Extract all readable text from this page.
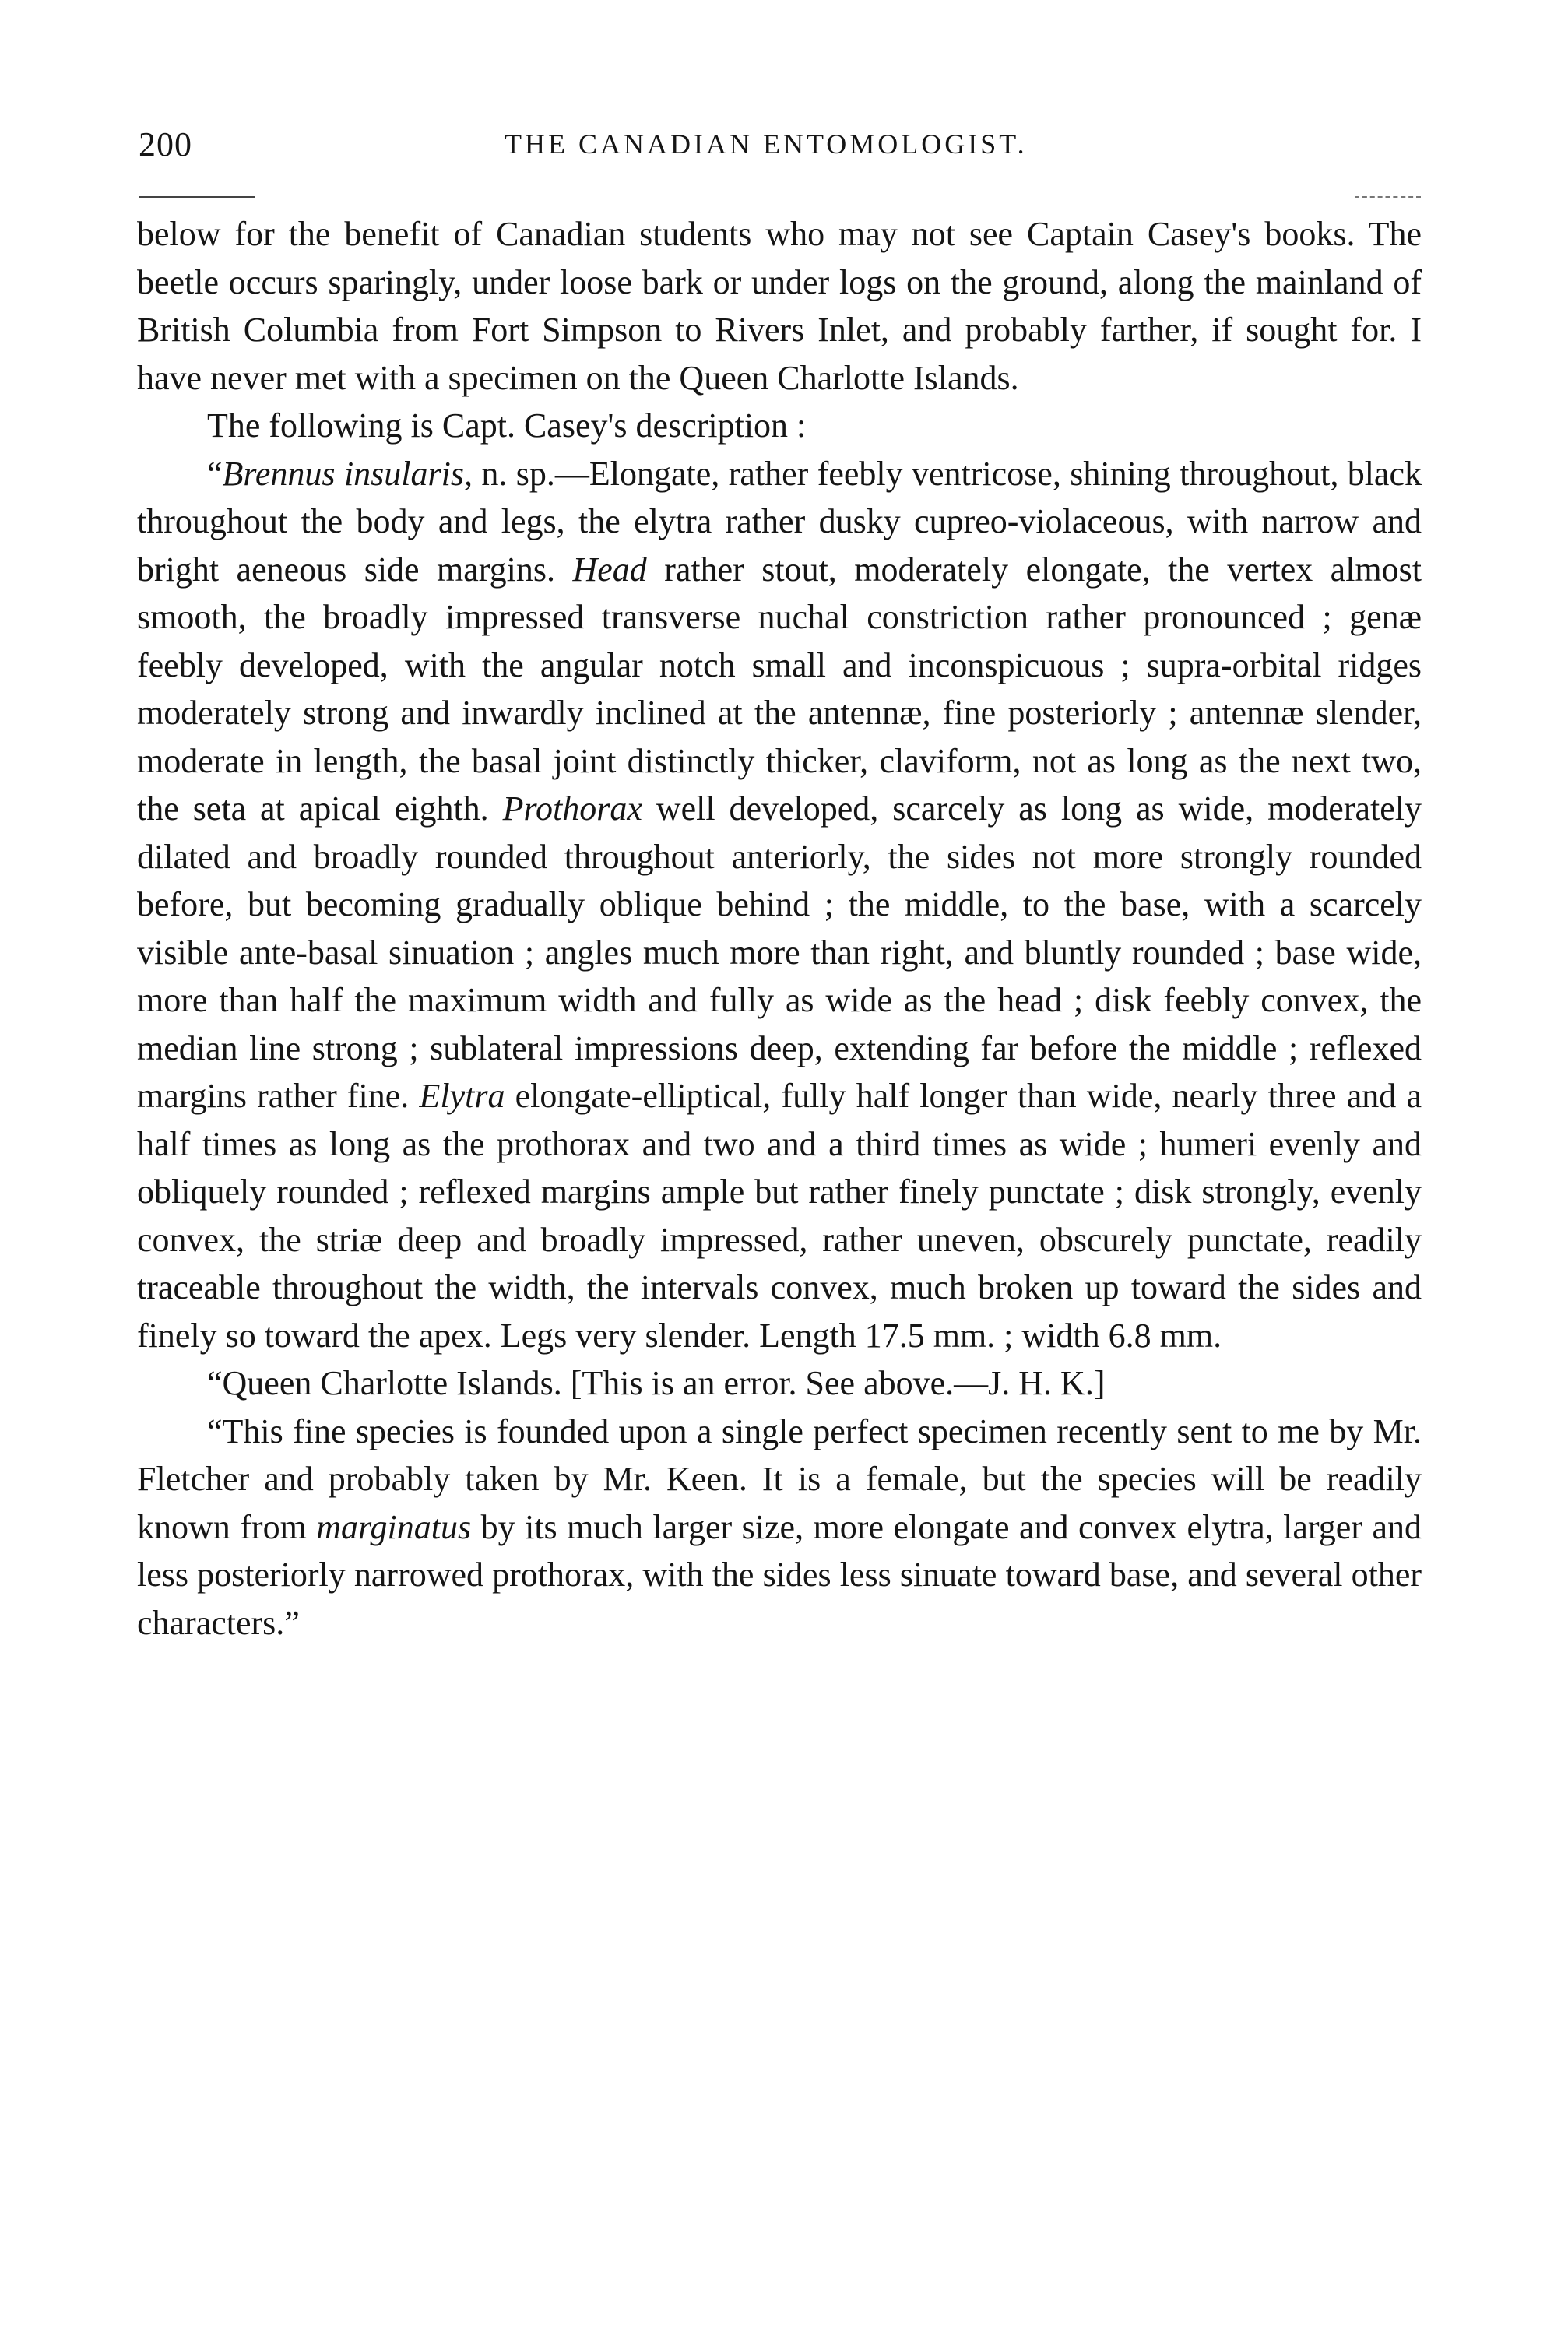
200	THE CANADIAN ENTOMOLOGIST.

below for the benefit of Canadian students who may not see Captain Casey's books. The beetle occurs sparingly, under loose bark or under logs on the ground, along the mainland of British Columbia from Fort Simpson to Rivers Inlet, and probably farther, if sought for. I have never met with a specimen on the Queen Charlotte Islands.

The following is Capt. Casey's description :

“Brennus insularis, n. sp.—Elongate, rather feebly ventricose, shining throughout, black throughout the body and legs, the elytra rather dusky cupreo-violaceous, with narrow and bright aeneous side margins. Head rather stout, moderately elongate, the vertex almost smooth, the broadly impressed transverse nuchal constriction rather pronounced ; genæ feebly developed, with the angular notch small and inconspicuous ; supra-orbital ridges moderately strong and inwardly inclined at the antennæ, fine posteriorly ; antennæ slender, moderate in length, the basal joint distinctly thicker, claviform, not as long as the next two, the seta at apical eighth. Prothorax well developed, scarcely as long as wide, moderately dilated and broadly rounded throughout anteriorly, the sides not more strongly rounded before, but becoming gradually oblique behind ; the middle, to the base, with a scarcely visible ante-basal sinuation ; angles much more than right, and bluntly rounded ; base wide, more than half the maximum width and fully as wide as the head ; disk feebly convex, the median line strong ; sublateral impressions deep, extending far before the middle ; reflexed margins rather fine. Elytra elongate-elliptical, fully half longer than wide, nearly three and a half times as long as the prothorax and two and a third times as wide ; humeri evenly and obliquely rounded ; reflexed margins ample but rather finely punctate ; disk strongly, evenly convex, the striæ deep and broadly impressed, rather uneven, obscurely punctate, readily traceable throughout the width, the intervals convex, much broken up toward the sides and finely so toward the apex. Legs very slender. Length 17.5 mm. ; width 6.8 mm.

“Queen Charlotte Islands. [This is an error. See above.—J. H. K.]

“This fine species is founded upon a single perfect specimen recently sent to me by Mr. Fletcher and probably taken by Mr. Keen. It is a female, but the species will be readily known from marginatus by its much larger size, more elongate and convex elytra, larger and less posteriorly narrowed prothorax, with the sides less sinuate toward base, and several other characters.”
